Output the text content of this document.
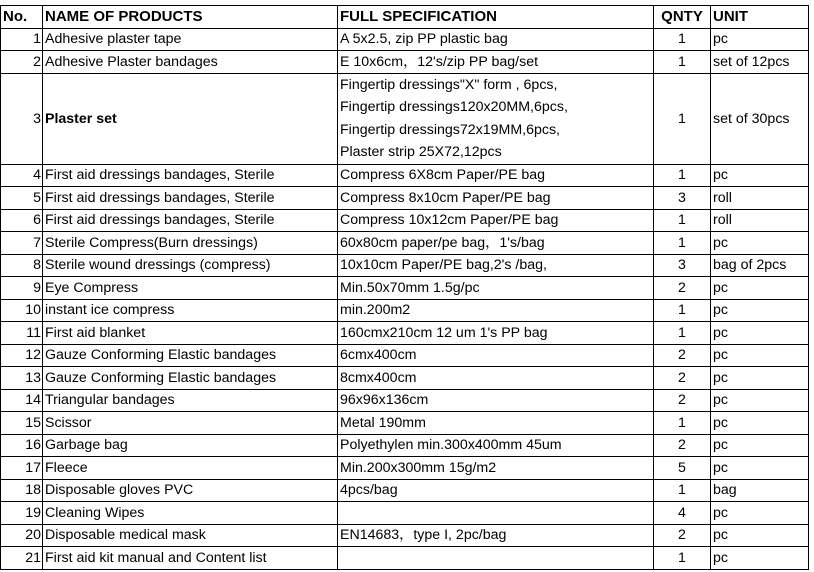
No.	NAME OF PRODUCTS	FULL SPECIFICATION	QNTY	UNIT
1	Adhesive plaster tape	A 5x2.5, zip PP plastic bag	1	pc
2	Adhesive Plaster bandages	E 10x6cm，12's/zip PP bag/set	1	set of 12pcs
3	Plaster set	Fingertip dressings"X" form , 6pcs,
Fingertip dressings120x20MM,6pcs,
Fingertip dressings72x19MM,6pcs,
Plaster strip 25X72,12pcs	1	set of 30pcs
4	First aid dressings bandages, Sterile	Compress 6X8cm Paper/PE bag	1	pc
5	First aid dressings bandages, Sterile	Compress 8x10cm Paper/PE bag	3	roll
6	First aid dressings bandages, Sterile	Compress 10x12cm Paper/PE bag	1	roll
7	Sterile Compress(Burn dressings)	60x80cm paper/pe bag，1's/bag	1	pc
8	Sterile wound dressings (compress)	10x10cm Paper/PE bag,2's /bag,	3	bag of 2pcs
9	Eye Compress	Min.50x70mm 1.5g/pc	2	pc
10	instant ice compress	min.200m2	1	pc
11	First aid blanket	160cmx210cm 12 um 1's PP bag	1	pc
12	Gauze Conforming Elastic bandages	6cmx400cm	2	pc
13	Gauze Conforming Elastic bandages	8cmx400cm	2	pc
14	Triangular bandages	96x96x136cm	2	pc
15	Scissor	Metal 190mm	1	pc
16	Garbage bag	Polyethylen min.300x400mm 45um	2	pc
17	Fleece	Min.200x300mm 15g/m2	5	pc
18	Disposable gloves PVC	4pcs/bag	1	bag
19	Cleaning Wipes		4	pc
20	Disposable medical mask	EN14683，type I, 2pc/bag	2	pc
21	First aid kit manual and Content list		1	pc
